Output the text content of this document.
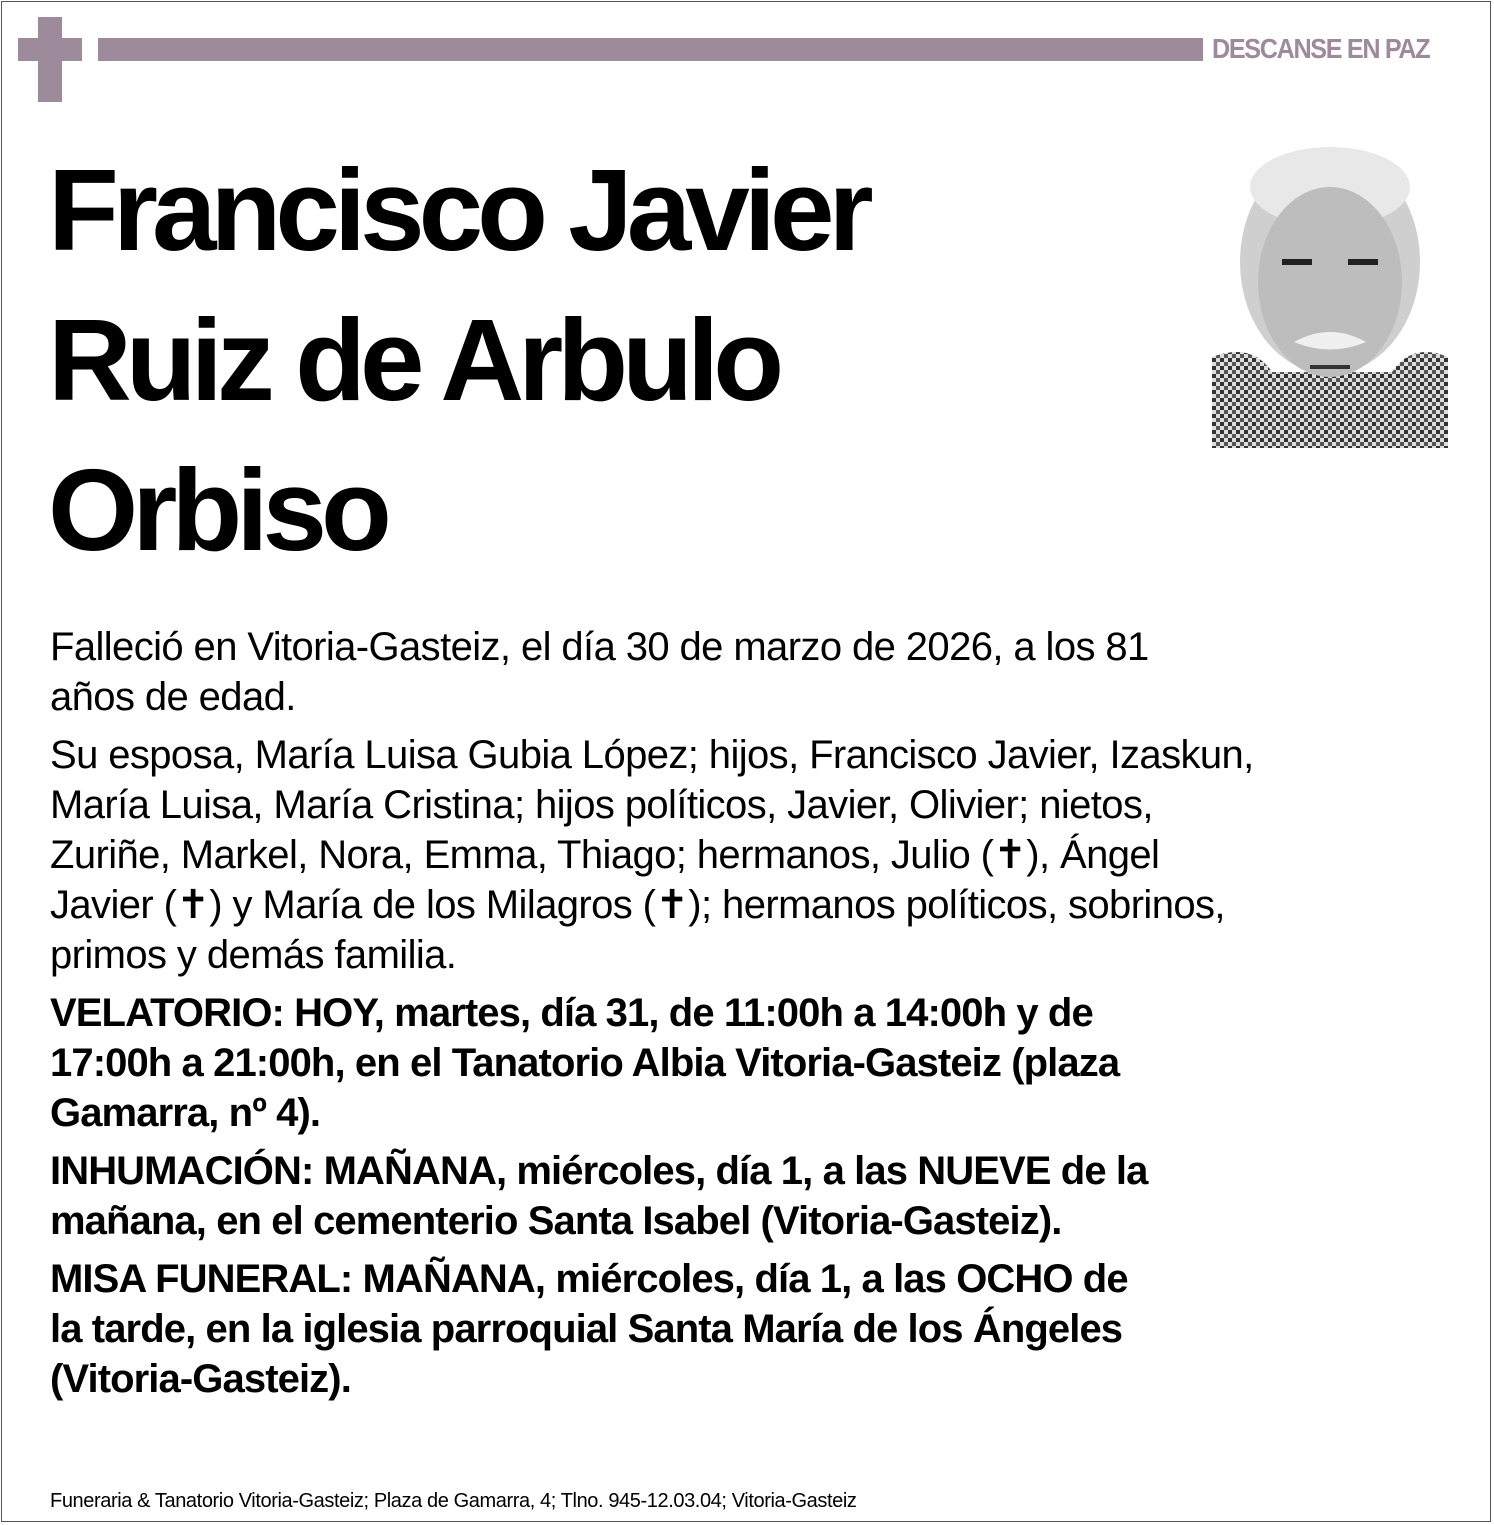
DESCANSE EN PAZ
Francisco Javier
Ruiz de Arbulo
Orbiso
Falleció en Vitoria-Gasteiz, el día 30 de marzo de 2026, a los 81
años de edad.
Su esposa, María Luisa Gubia López; hijos, Francisco Javier, Izaskun,
María Luisa, María Cristina; hijos políticos, Javier, Olivier; nietos,
Zuriñe, Markel, Nora, Emma, Thiago; hermanos, Julio (✝), Ángel
Javier (✝) y María de los Milagros (✝); hermanos políticos, sobrinos,
primos y demás familia.
VELATORIO: HOY, martes, día 31, de 11:00h a 14:00h y de
17:00h a 21:00h, en el Tanatorio Albia Vitoria-Gasteiz (plaza
Gamarra, nº 4).
INHUMACIÓN: MAÑANA, miércoles, día 1, a las NUEVE de la
mañana, en el cementerio Santa Isabel (Vitoria-Gasteiz).
MISA FUNERAL: MAÑANA, miércoles, día 1, a las OCHO de
la tarde, en la iglesia parroquial Santa María de los Ángeles
(Vitoria-Gasteiz).
Funeraria & Tanatorio Vitoria-Gasteiz; Plaza de Gamarra, 4; Tlno. 945-12.03.04; Vitoria-Gasteiz
